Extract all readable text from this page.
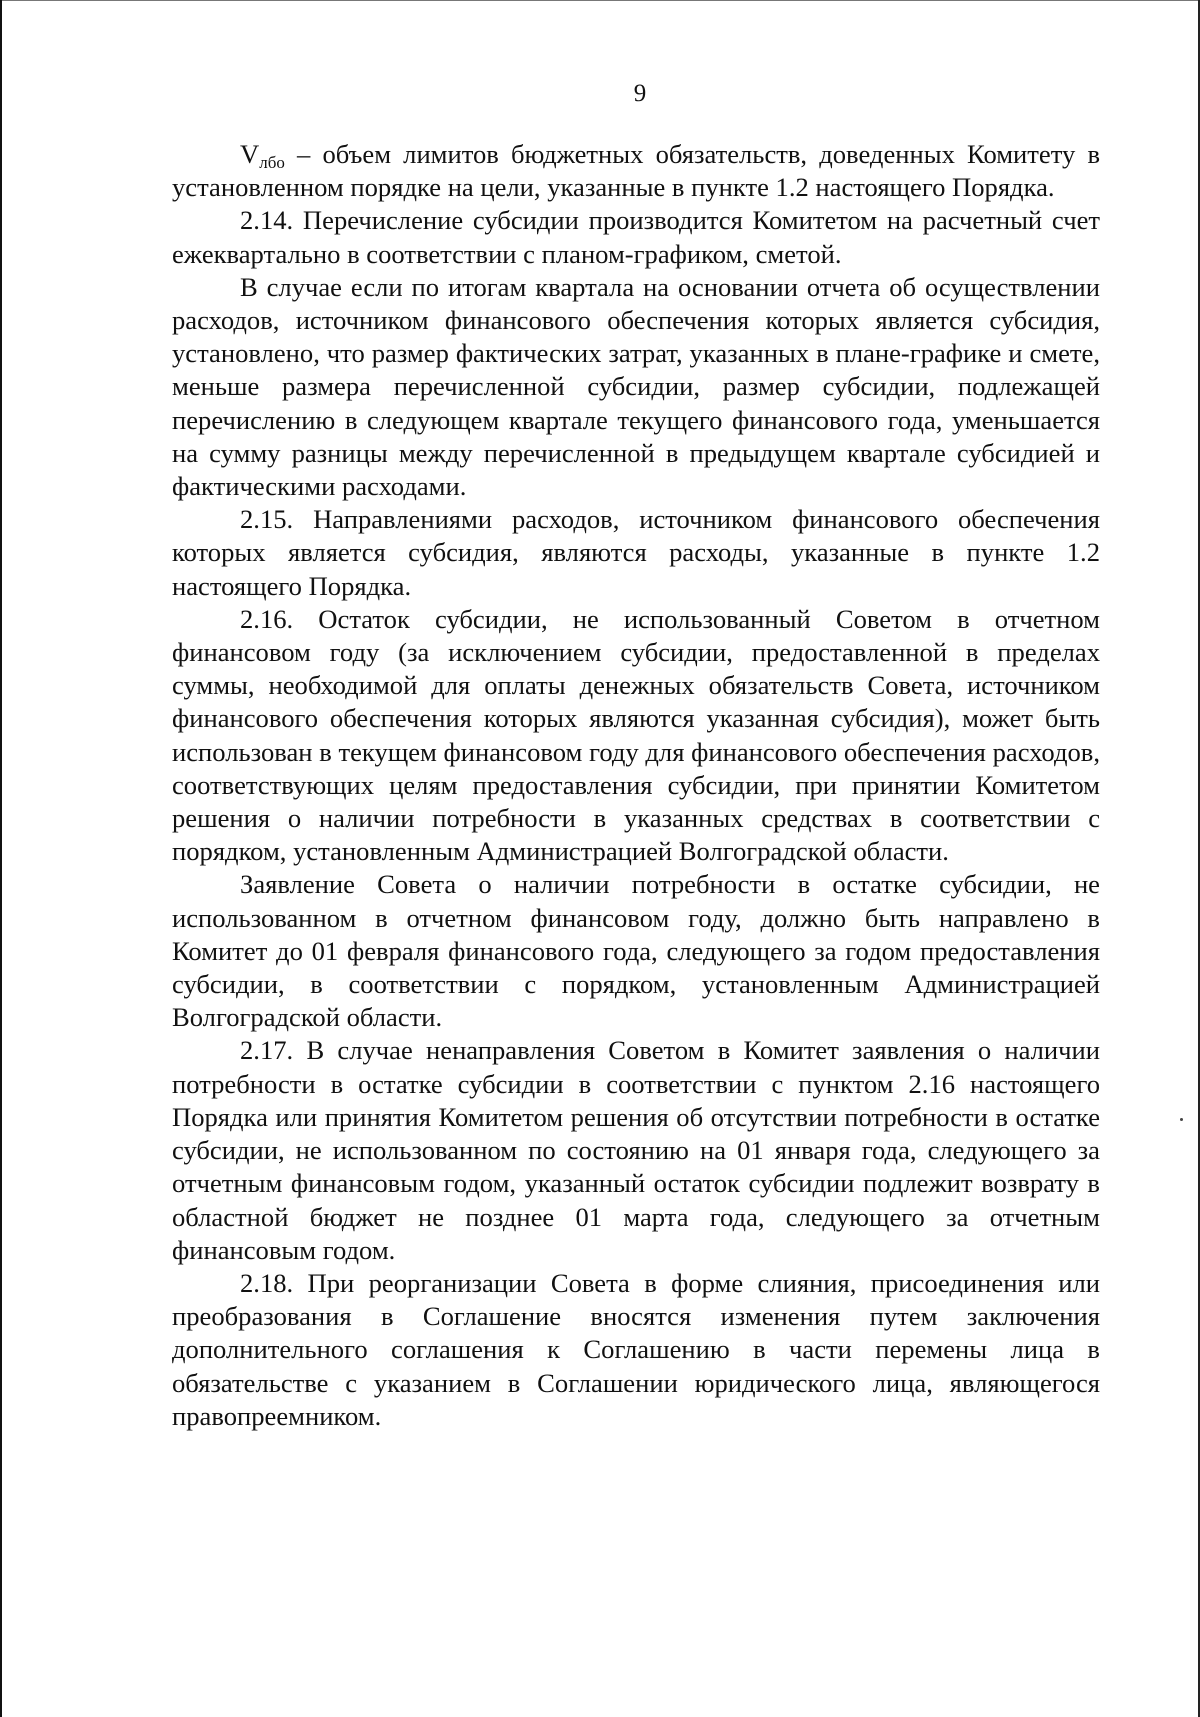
9

$V_{лбо}$ – объем лимитов бюджетных обязательств, доведенных Комитету в установленном порядке на цели, указанные в пункте 1.2 настоящего Порядка.

2.14. Перечисление субсидии производится Комитетом на расчетный счет ежеквартально в соответствии с планом-графиком, сметой.

В случае если по итогам квартала на основании отчета об осуществлении расходов, источником финансового обеспечения которых является субсидия, установлено, что размер фактических затрат, указанных в плане-графике и смете, меньше размера перечисленной субсидии, размер субсидии, подлежащей перечислению в следующем квартале текущего финансового года, уменьшается на сумму разницы между перечисленной в предыдущем квартале субсидией и фактическими расходами.

2.15. Направлениями расходов, источником финансового обеспечения которых является субсидия, являются расходы, указанные в пункте 1.2 настоящего Порядка.

2.16. Остаток субсидии, не использованный Советом в отчетном финансовом году (за исключением субсидии, предоставленной в пределах суммы, необходимой для оплаты денежных обязательств Совета, источником финансового обеспечения которых являются указанная субсидия), может быть использован в текущем финансовом году для финансового обеспечения расходов, соответствующих целям предоставления субсидии, при принятии Комитетом решения о наличии потребности в указанных средствах в соответствии с порядком, установленным Администрацией Волгоградской области.

Заявление Совета о наличии потребности в остатке субсидии, не использованном в отчетном финансовом году, должно быть направлено в Комитет до 01 февраля финансового года, следующего за годом предоставления субсидии, в соответствии с порядком, установленным Администрацией Волгоградской области.

2.17. В случае ненаправления Советом в Комитет заявления о наличии потребности в остатке субсидии в соответствии с пунктом 2.16 настоящего Порядка или принятия Комитетом решения об отсутствии потребности в остатке субсидии, не использованном по состоянию на 01 января года, следующего за отчетным финансовым годом, указанный остаток субсидии подлежит возврату в областной бюджет не позднее 01 марта года, следующего за отчетным финансовым годом.

2.18. При реорганизации Совета в форме слияния, присоединения или преобразования в Соглашение вносятся изменения путем заключения дополнительного соглашения к Соглашению в части перемены лица в обязательстве с указанием в Соглашении юридического лица, являющегося правопреемником.
